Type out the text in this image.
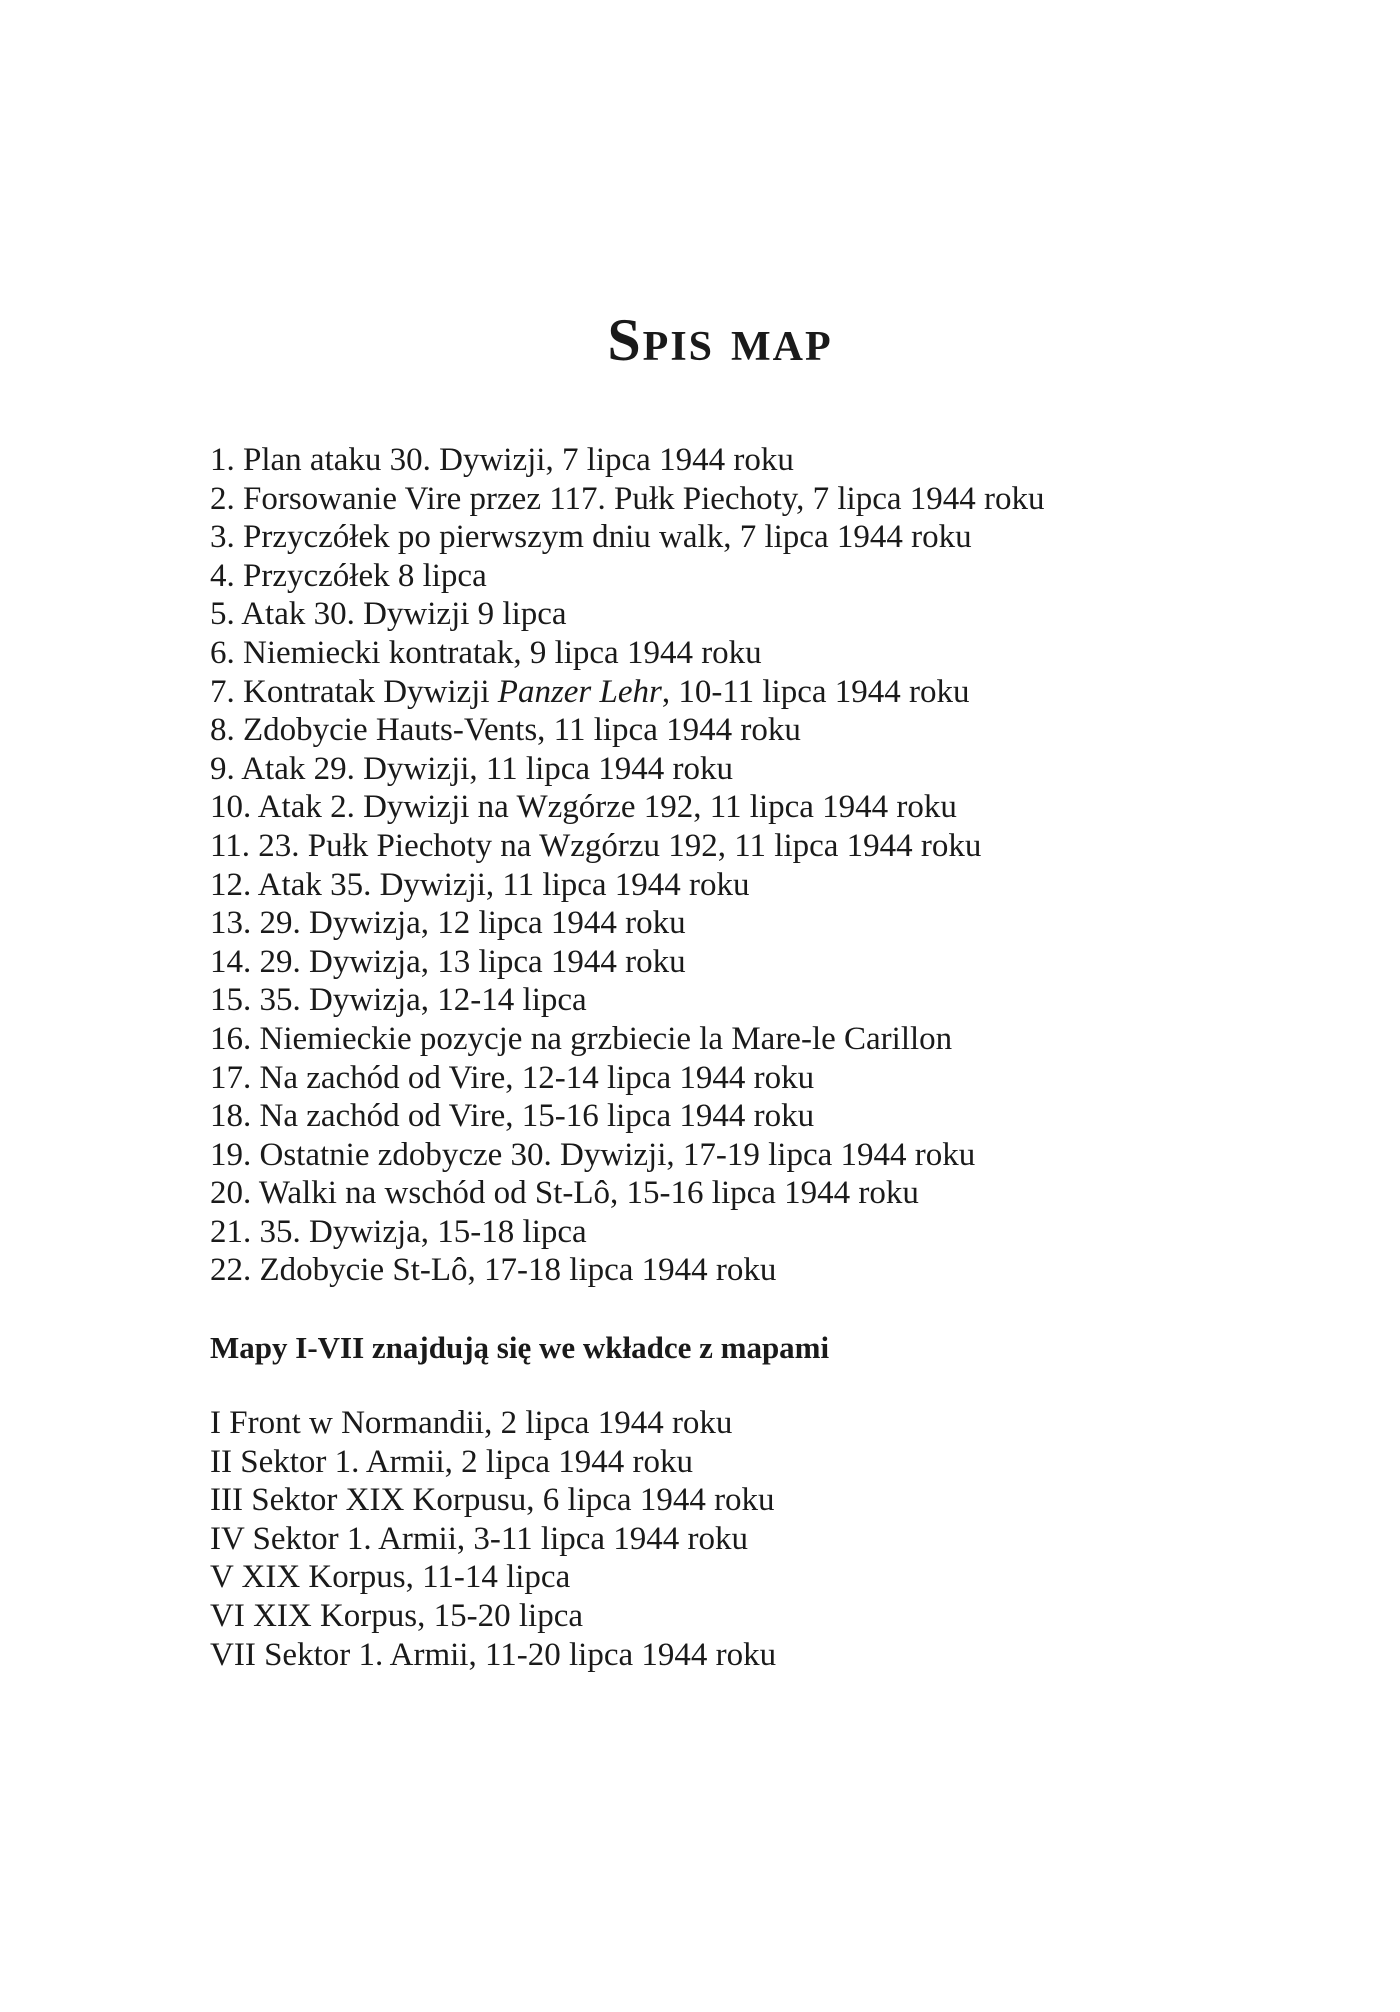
Spis map
1. Plan ataku 30. Dywizji, 7 lipca 1944 roku
2. Forsowanie Vire przez 117. Pułk Piechoty, 7 lipca 1944 roku
3. Przyczółek po pierwszym dniu walk, 7 lipca 1944 roku
4. Przyczółek 8 lipca
5. Atak 30. Dywizji 9 lipca
6. Niemiecki kontratak, 9 lipca 1944 roku
7. Kontratak Dywizji Panzer Lehr, 10-11 lipca 1944 roku
8. Zdobycie Hauts-Vents, 11 lipca 1944 roku
9. Atak 29. Dywizji, 11 lipca 1944 roku
10. Atak 2. Dywizji na Wzgórze 192, 11 lipca 1944 roku
11. 23. Pułk Piechoty na Wzgórzu 192, 11 lipca 1944 roku
12. Atak 35. Dywizji, 11 lipca 1944 roku
13. 29. Dywizja, 12 lipca 1944 roku
14. 29. Dywizja, 13 lipca 1944 roku
15. 35. Dywizja, 12-14 lipca
16. Niemieckie pozycje na grzbiecie la Mare-le Carillon
17. Na zachód od Vire, 12-14 lipca 1944 roku
18. Na zachód od Vire, 15-16 lipca 1944 roku
19. Ostatnie zdobycze 30. Dywizji, 17-19 lipca 1944 roku
20. Walki na wschód od St-Lô, 15-16 lipca 1944 roku
21. 35. Dywizja, 15-18 lipca
22. Zdobycie St-Lô, 17-18 lipca 1944 roku
Mapy I-VII znajdują się we wkładce z mapami
I Front w Normandii, 2 lipca 1944 roku
II Sektor 1. Armii, 2 lipca 1944 roku
III Sektor XIX Korpusu, 6 lipca 1944 roku
IV Sektor 1. Armii, 3-11 lipca 1944 roku
V XIX Korpus, 11-14 lipca
VI XIX Korpus, 15-20 lipca
VII Sektor 1. Armii, 11-20 lipca 1944 roku
